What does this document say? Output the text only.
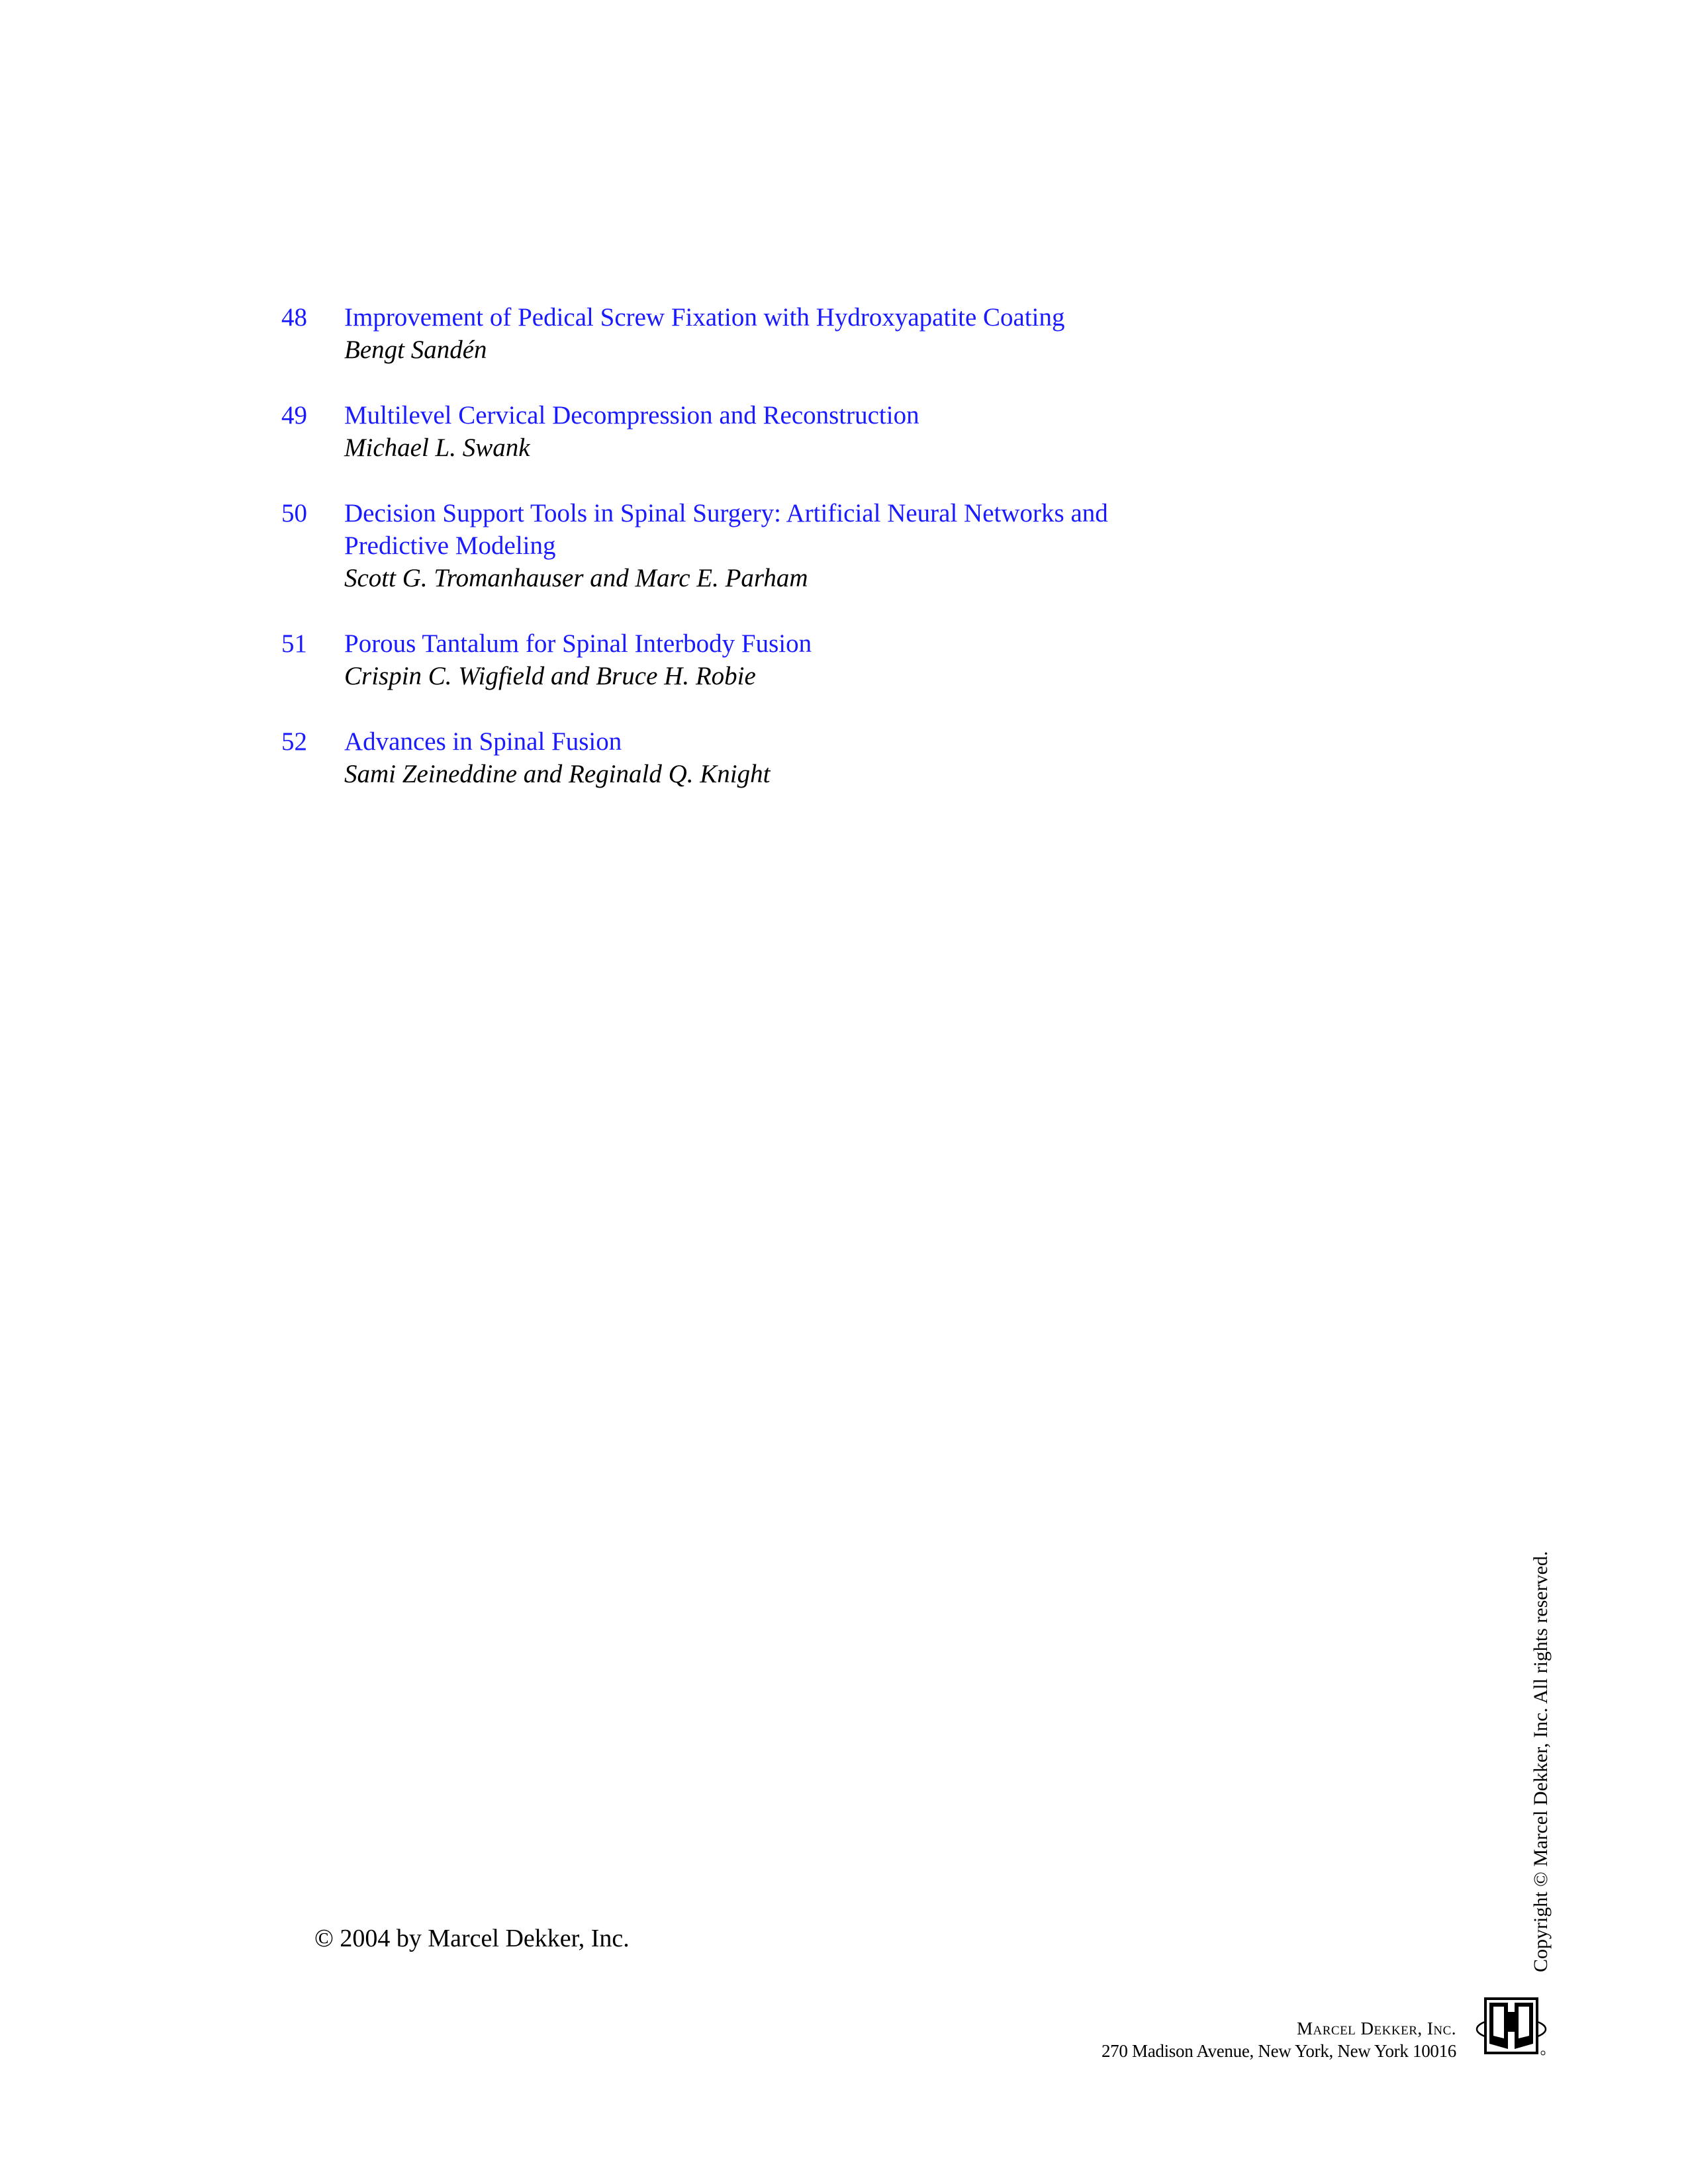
48 Improvement of Pedical Screw Fixation with Hydroxyapatite Coating
Bengt Sandén
49 Multilevel Cervical Decompression and Reconstruction
Michael L. Swank
50 Decision Support Tools in Spinal Surgery: Artificial Neural Networks and
Predictive Modeling
Scott G. Tromanhauser and Marc E. Parham
51 Porous Tantalum for Spinal Interbody Fusion
Crispin C. Wigfield and Bruce H. Robie
52 Advances in Spinal Fusion
Sami Zeineddine and Reginald Q. Knight
© 2004 by Marcel Dekker, Inc.	Copyright © Marcel Dekker, Inc. All rights reserved.
Marcel Dekker, Inc.
270 Madison Avenue, New York, New York 10016
